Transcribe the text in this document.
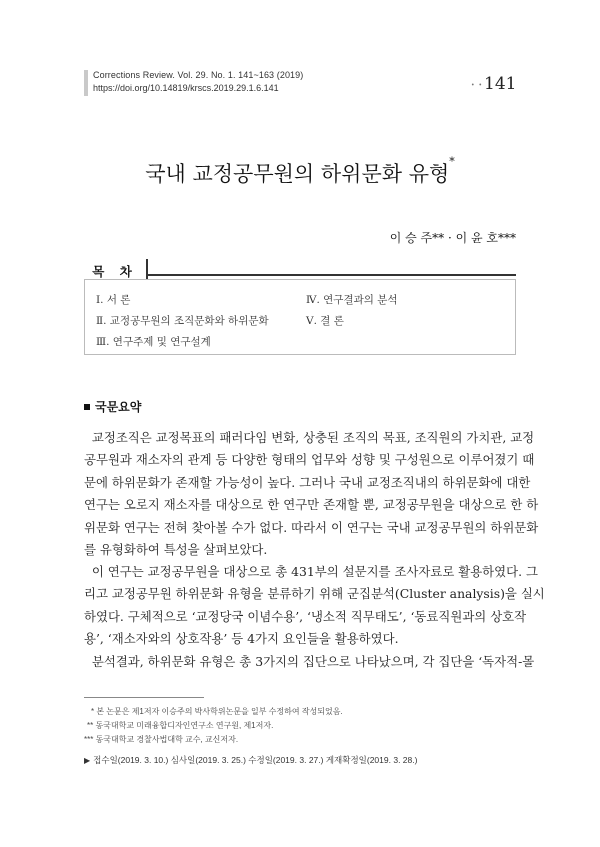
Corrections Review. Vol. 29. No. 1. 141~163 (2019)
https://doi.org/10.14819/krscs.2019.29.1.6.141	• • 141
국내 교정공무원의 하위문화 유형*
이 승 주** · 이 윤 호***
목 차
Ⅰ. 서 론
Ⅱ. 교정공무원의 조직문화와 하위문화
Ⅲ. 연구주제 및 연구설계
Ⅳ. 연구결과의 분석
Ⅴ. 결 론
국문요약
교정조직은 교정목표의 패러다임 변화, 상충된 조직의 목표, 조직원의 가치관, 교정
공무원과 재소자의 관계 등 다양한 형태의 업무와 성향 및 구성원으로 이루어졌기 때
문에 하위문화가 존재할 가능성이 높다. 그러나 국내 교정조직내의 하위문화에 대한
연구는 오로지 재소자를 대상으로 한 연구만 존재할 뿐, 교정공무원을 대상으로 한 하
위문화 연구는 전혀 찾아볼 수가 없다. 따라서 이 연구는 국내 교정공무원의 하위문화
를 유형화하여 특성을 살펴보았다.
이 연구는 교정공무원을 대상으로 총 431부의 설문지를 조사자료로 활용하였다. 그
리고 교정공무원 하위문화 유형을 분류하기 위해 군집분석(Cluster analysis)을 실시
하였다. 구체적으로 ‘교정당국 이념수용’, ‘냉소적 직무태도’, ‘동료직원과의 상호작
용’, ‘재소자와의 상호작용’ 등 4가지 요인들을 활용하였다.
분석결과, 하위문화 유형은 총 3가지의 집단으로 나타났으며, 각 집단을 ‘독자적-몰
* 본 논문은 제1저자 이승주의 박사학위논문을 일부 수정하여 작성되었음.
** 동국대학교 미래융합디자인연구소 연구원, 제1저자.
*** 동국대학교 경찰사법대학 교수, 교신저자.
▶ 접수일(2019. 3. 10.) 심사일(2019. 3. 25.) 수정일(2019. 3. 27.) 게재확정일(2019. 3. 28.)
